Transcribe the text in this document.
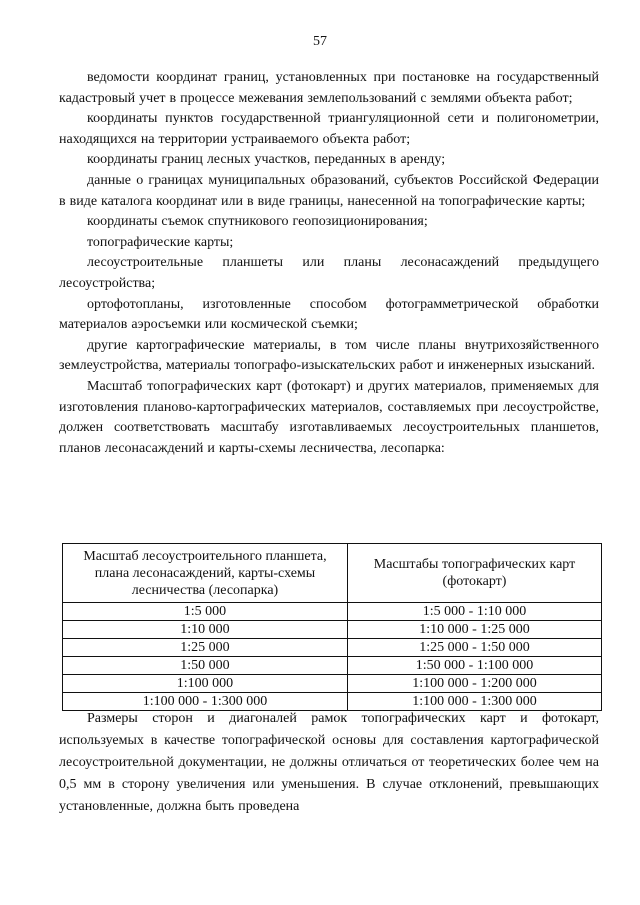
57

ведомости координат границ, установленных при постановке на государственный кадастровый учет в процессе межевания землепользований с землями объекта работ;

координаты пунктов государственной триангуляционной сети и полигонометрии, находящихся на территории устраиваемого объекта работ;

координаты границ лесных участков, переданных в аренду;

данные о границах муниципальных образований, субъектов Российской Федерации в виде каталога координат или в виде границы, нанесенной на топографические карты;

координаты съемок спутникового геопозиционирования;

топографические карты;

лесоустроительные планшеты или планы лесонасаждений предыдущего лесоустройства;

ортофотопланы, изготовленные способом фотограмметрической обработки материалов аэросъемки или космической съемки;

другие картографические материалы, в том числе планы внутрихозяйственного землеустройства, материалы топографо-изыскательских работ и инженерных изысканий.

Масштаб топографических карт (фотокарт) и других материалов, применяемых для изготовления планово-картографических материалов, составляемых при лесоустройстве, должен соответствовать масштабу изготавливаемых лесоустроительных планшетов, планов лесонасаждений и карты-схемы лесничества, лесопарка:

Масштаб лесоустроительного планшета, плана лесонасаждений, карты-схемы лесничества (лесопарка)	Масштабы топографических карт (фотокарт)
1:5 000	1:5 000 - 1:10 000
1:10 000	1:10 000 - 1:25 000
1:25 000	1:25 000 - 1:50 000
1:50 000	1:50 000 - 1:100 000
1:100 000	1:100 000 - 1:200 000
1:100 000 - 1:300 000	1:100 000 - 1:300 000

Размеры сторон и диагоналей рамок топографических карт и фотокарт, используемых в качестве топографической основы для составления картографической лесоустроительной документации, не должны отличаться от теоретических более чем на 0,5 мм в сторону увеличения или уменьшения. В случае отклонений, превышающих установленные, должна быть проведена
